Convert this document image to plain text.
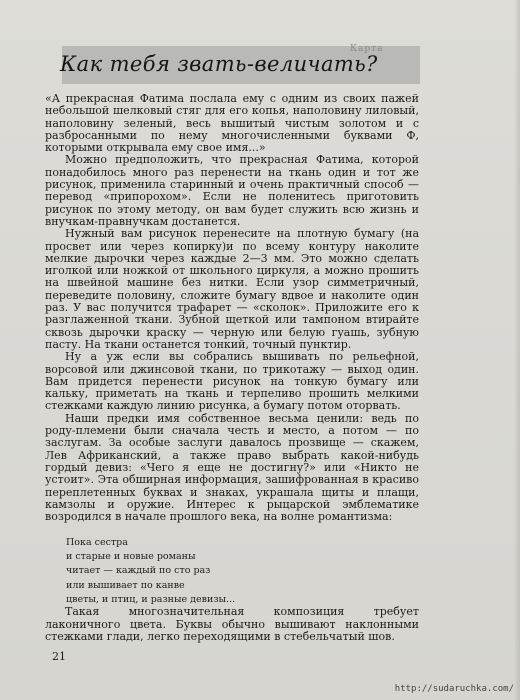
Карта
Как тебя звать-величать?

«А прекрасная Фатима послала ему с одним из своих пажей небольшой шелковый стяг для его копья, наполовину лиловый, наполовину зеленый, весь вышитый чистым золотом и с разбросанными по нему многочисленными буквами Ф, которыми открывала ему свое имя...»

Можно предположить, что прекрасная Фатима, которой понадобилось много раз перенести на ткань один и тот же рисунок, применила старинный и очень практичный способ — перевод «припорохом». Если не поленитесь приготовить рисунок по этому методу, он вам будет служить всю жизнь и внучкам-правнучкам достанется.

Нужный вам рисунок перенесите на плотную бумагу (на просвет или через копирку)и по всему контуру наколите мелкие дырочки через каждые 2—3 мм. Это можно сделать иголкой или ножкой от школьного циркуля, а можно прошить на швейной машине без нитки. Если узор симметричный, переведите половину, сложите бумагу вдвое и наколите один раз. У вас получится трафарет — «сколок». Приложите его к разглаженной ткани. Зубной щеткой или тампоном втирайте сквозь дырочки краску — черную или белую гуашь, зубную пасту. На ткани останется тонкий, точный пунктир.

Ну а уж если вы собрались вышивать по рельефной, ворсовой или джинсовой ткани, по трикотажу — выход один. Вам придется перенести рисунок на тонкую бумагу или кальку, приметать на ткань и терпеливо прошить мелкими стежками каждую линию рисунка, а бумагу потом оторвать.

Наши предки имя собственное весьма ценили: ведь по роду-племени были сначала честь и место, а потом — по заслугам. За особые заслуги давалось прозвище — скажем, Лев Африканский, а также право выбрать какой-нибудь гордый девиз: «Чего я еще не достигну?» или «Никто не устоит». Эта обширная информация, зашифрованная в красиво переплетенных буквах и знаках, украшала щиты и плащи, камзолы и оружие. Интерес к рыцарской эмблематике возродился в начале прошлого века, на волне романтизма:

Пока сестра
и старые и новые романы
читает — каждый по сто раз
или вышивает по канве
цветы, и птиц, и разные девизы...

Такая многозначительная композиция требует лаконичного цвета. Буквы обычно вышивают наклонными стежками глади, легко переходящими в стебельчатый шов.

21
http://sudaruchka.com/
